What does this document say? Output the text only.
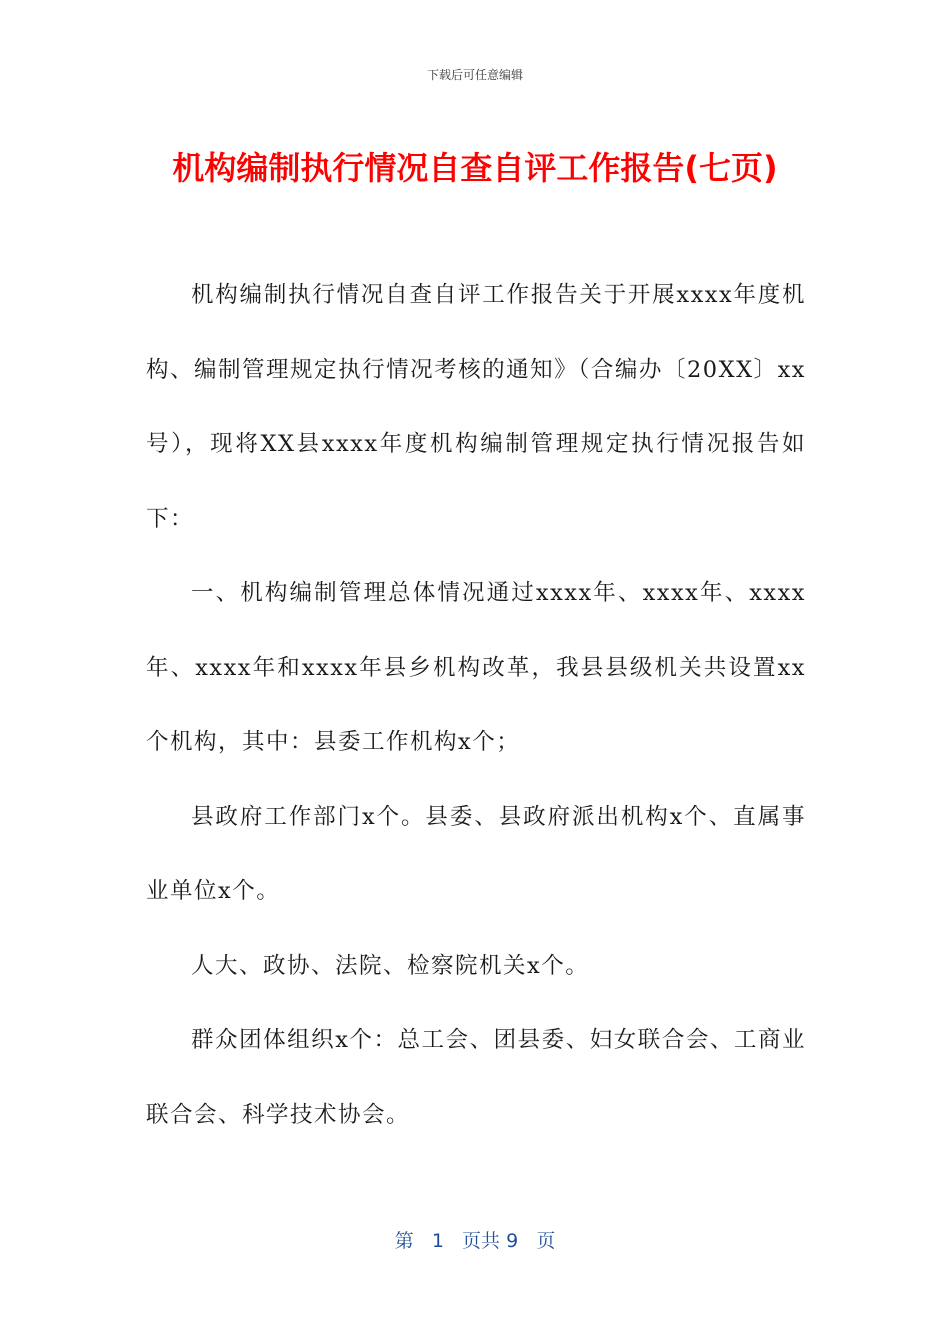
下载后可任意编辑
机构编制执行情况自查自评工作报告(七页)

机构编制执行情况自查自评工作报告关于开展xxxx年度机构、编制管理规定执行情况考核的通知》（合编办〔20XX〕xx号），现将XX县xxxx年度机构编制管理规定执行情况报告如下：

一、机构编制管理总体情况通过xxxx年、xxxx年、xxxx年、xxxx年和xxxx年县乡机构改革，我县县级机关共设置xx个机构，其中：县委工作机构x个；

县政府工作部门x个。县委、县政府派出机构x个、直属事业单位x个。

人大、政协、法院、检察院机关x个。

群众团体组织x个：总工会、团县委、妇女联合会、工商业联合会、科学技术协会。

第 1 页共 9 页
